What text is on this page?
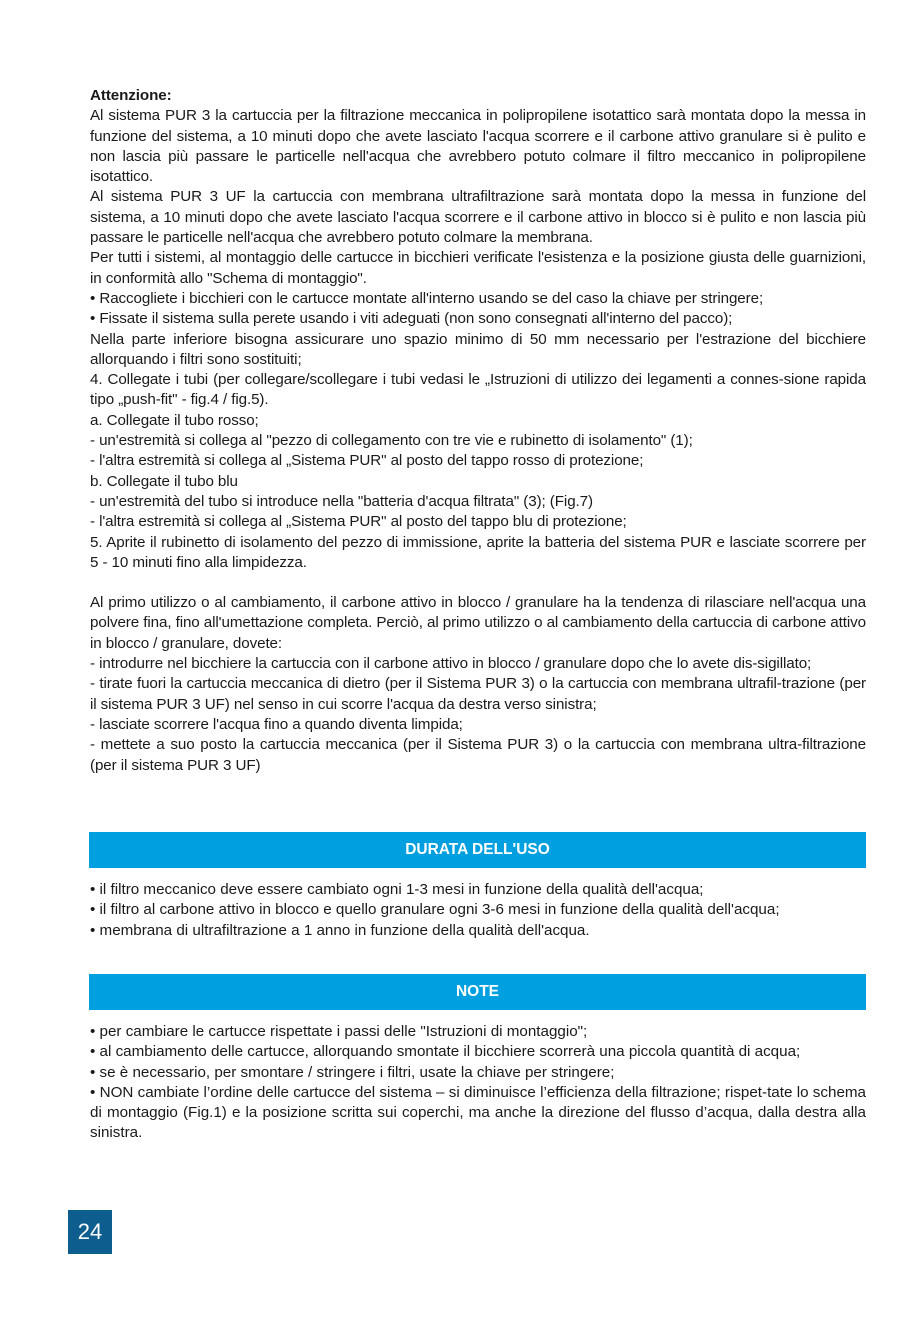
Attenzione:

Al sistema PUR 3 la cartuccia per la filtrazione meccanica in polipropilene isotattico sarà montata dopo la messa in funzione del sistema, a 10 minuti dopo che avete lasciato l'acqua scorrere e il carbone attivo granulare si è pulito e non lascia più passare le particelle nell'acqua che avrebbero potuto colmare il filtro meccanico in polipropilene isotattico.

Al sistema PUR 3 UF la cartuccia con membrana ultrafiltrazione sarà montata dopo la messa in funzione del sistema, a 10 minuti dopo che avete lasciato l'acqua scorrere e il carbone attivo in blocco si è pulito e non lascia più passare le particelle nell'acqua che avrebbero potuto colmare la membrana.

Per tutti i sistemi, al montaggio delle cartucce in bicchieri verificate l'esistenza e la posizione giusta delle guarnizioni, in conformità allo "Schema di montaggio".

• Raccogliete i bicchieri con le cartucce montate all'interno usando se del caso la chiave per stringere;

• Fissate il sistema sulla perete usando i viti adeguati (non sono consegnati all'interno del pacco);

Nella parte inferiore bisogna assicurare uno spazio minimo di 50 mm necessario per l'estrazione del bicchiere allorquando i filtri sono sostituiti;

4. Collegate i tubi (per collegare/scollegare i tubi vedasi le „Istruzioni di utilizzo dei legamenti a connes-sione rapida tipo „push-fit" - fig.4 / fig.5).

a. Collegate il tubo rosso;

- un'estremità si collega al "pezzo di collegamento con tre vie e rubinetto di isolamento" (1);

- l'altra estremità si collega al „Sistema PUR" al posto del tappo rosso di protezione;

b. Collegate il tubo blu

- un'estremità del tubo si introduce nella "batteria d'acqua filtrata" (3); (Fig.7)

- l'altra estremità si collega al „Sistema PUR" al posto del tappo blu di protezione;

5. Aprite il rubinetto di isolamento del pezzo di immissione, aprite la batteria del sistema PUR e lasciate scorrere per 5 - 10 minuti fino alla limpidezza.

Al primo utilizzo o al cambiamento, il carbone attivo in blocco / granulare ha la tendenza di rilasciare nell'acqua una polvere fina, fino all'umettazione completa. Perciò, al primo utilizzo o al cambiamento della cartuccia di carbone attivo in blocco / granulare, dovete:

- introdurre nel bicchiere la cartuccia con il carbone attivo in blocco / granulare dopo che lo avete dis-sigillato;

- tirate fuori la cartuccia meccanica di dietro (per il Sistema PUR 3) o la cartuccia con membrana ultrafil-trazione (per il sistema PUR 3 UF) nel senso in cui scorre l'acqua da destra verso sinistra;

- lasciate scorrere l'acqua fino a quando diventa limpida;

- mettete a suo posto la cartuccia meccanica (per il Sistema PUR 3) o la cartuccia con membrana ultra-filtrazione (per il sistema PUR 3 UF)

DURATA DELL'USO

• il filtro meccanico deve essere cambiato ogni 1-3 mesi in funzione della qualità dell'acqua;

• il filtro al carbone attivo in blocco e quello granulare ogni 3-6 mesi in funzione della qualità dell'acqua;

• membrana di ultrafiltrazione a 1 anno in funzione della qualità dell'acqua.

NOTE

• per cambiare le cartucce rispettate i passi delle "Istruzioni di montaggio";

• al cambiamento delle cartucce, allorquando smontate il bicchiere scorrerà una piccola quantità di acqua;

• se è necessario, per smontare / stringere i filtri, usate la chiave per stringere;

• NON cambiate l’ordine delle cartucce del sistema – si diminuisce l’efficienza della filtrazione; rispet-tate lo schema di montaggio (Fig.1) e la posizione scritta sui coperchi, ma anche la direzione del flusso d’acqua, dalla destra alla sinistra.

24
